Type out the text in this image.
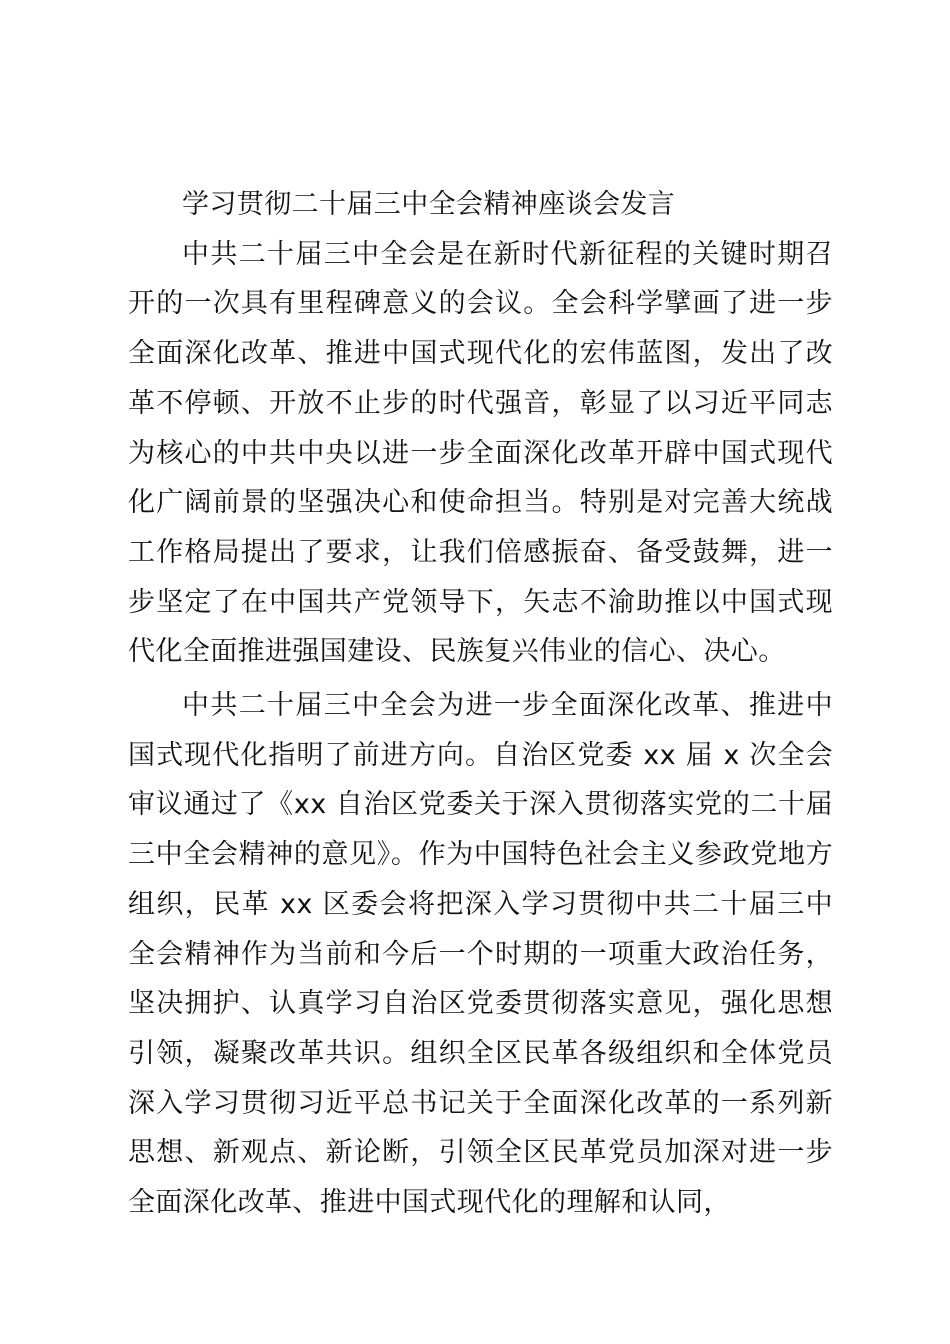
学习贯彻二十届三中全会精神座谈会发言

中共二十届三中全会是在新时代新征程的关键时期召开的一次具有里程碑意义的会议。全会科学擘画了进一步全面深化改革、推进中国式现代化的宏伟蓝图，发出了改革不停顿、开放不止步的时代强音，彰显了以习近平同志为核心的中共中央以进一步全面深化改革开辟中国式现代化广阔前景的坚强决心和使命担当。特别是对完善大统战工作格局提出了要求，让我们倍感振奋、备受鼓舞，进一步坚定了在中国共产党领导下，矢志不渝助推以中国式现代化全面推进强国建设、民族复兴伟业的信心、决心。

中共二十届三中全会为进一步全面深化改革、推进中国式现代化指明了前进方向。自治区党委 xx 届 x 次全会审议通过了《xx 自治区党委关于深入贯彻落实党的二十届三中全会精神的意见》。作为中国特色社会主义参政党地方组织，民革 xx 区委会将把深入学习贯彻中共二十届三中全会精神作为当前和今后一个时期的一项重大政治任务，坚决拥护、认真学习自治区党委贯彻落实意见，强化思想引领，凝聚改革共识。组织全区民革各级组织和全体党员深入学习贯彻习近平总书记关于全面深化改革的一系列新思想、新观点、新论断，引领全区民革党员加深对进一步全面深化改革、推进中国式现代化的理解和认同，
